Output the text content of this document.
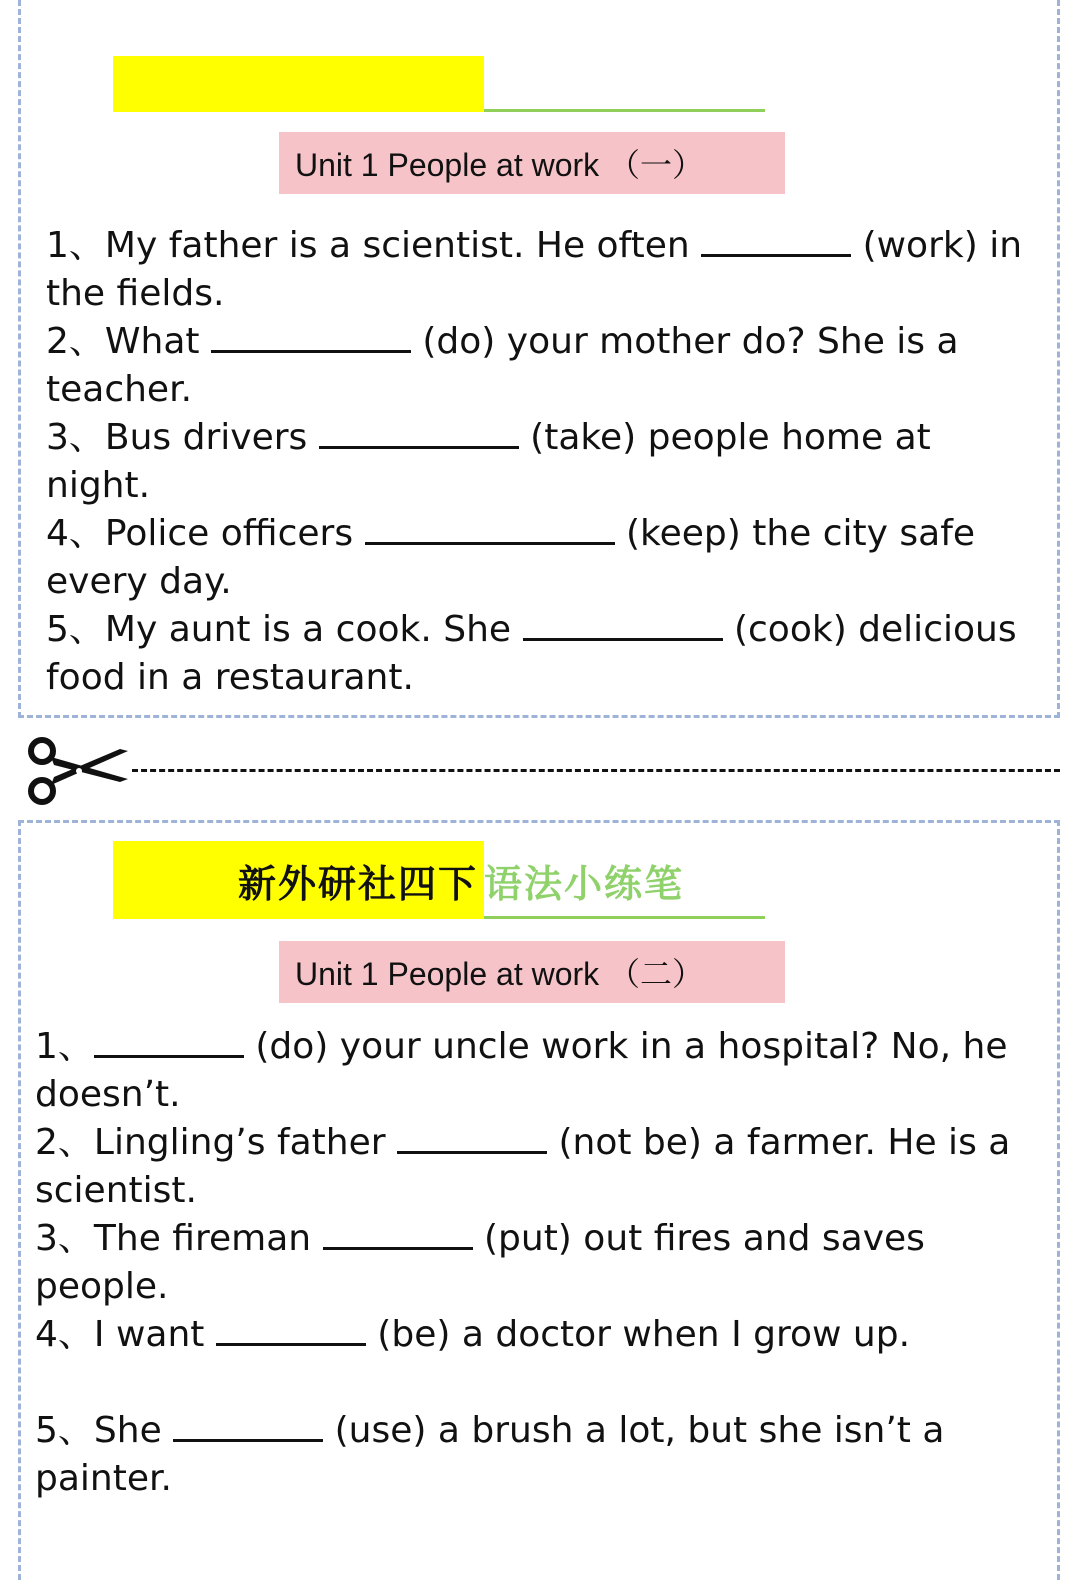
Unit 1 People at work （一）

1、My father is a scientist. He often	(work) in the fields.

2、What	(do) your mother do? She is a teacher.

3、Bus drivers	(take) people home at night.

4、Police officers	(keep) the city safe every day.

5、My aunt is a cook. She	(cook) delicious food in a restaurant.

新外研社四下 语法小练笔
Unit 1 People at work （二）

1、	(do) your uncle work in a hospital? No, he doesn’t.

2、Lingling’s father	(not be) a farmer. He is a scientist.

3、The fireman	(put) out fires and saves people.

4、I want	(be) a doctor when I grow up.

5、She	(use) a brush a lot, but she isn’t a painter.
